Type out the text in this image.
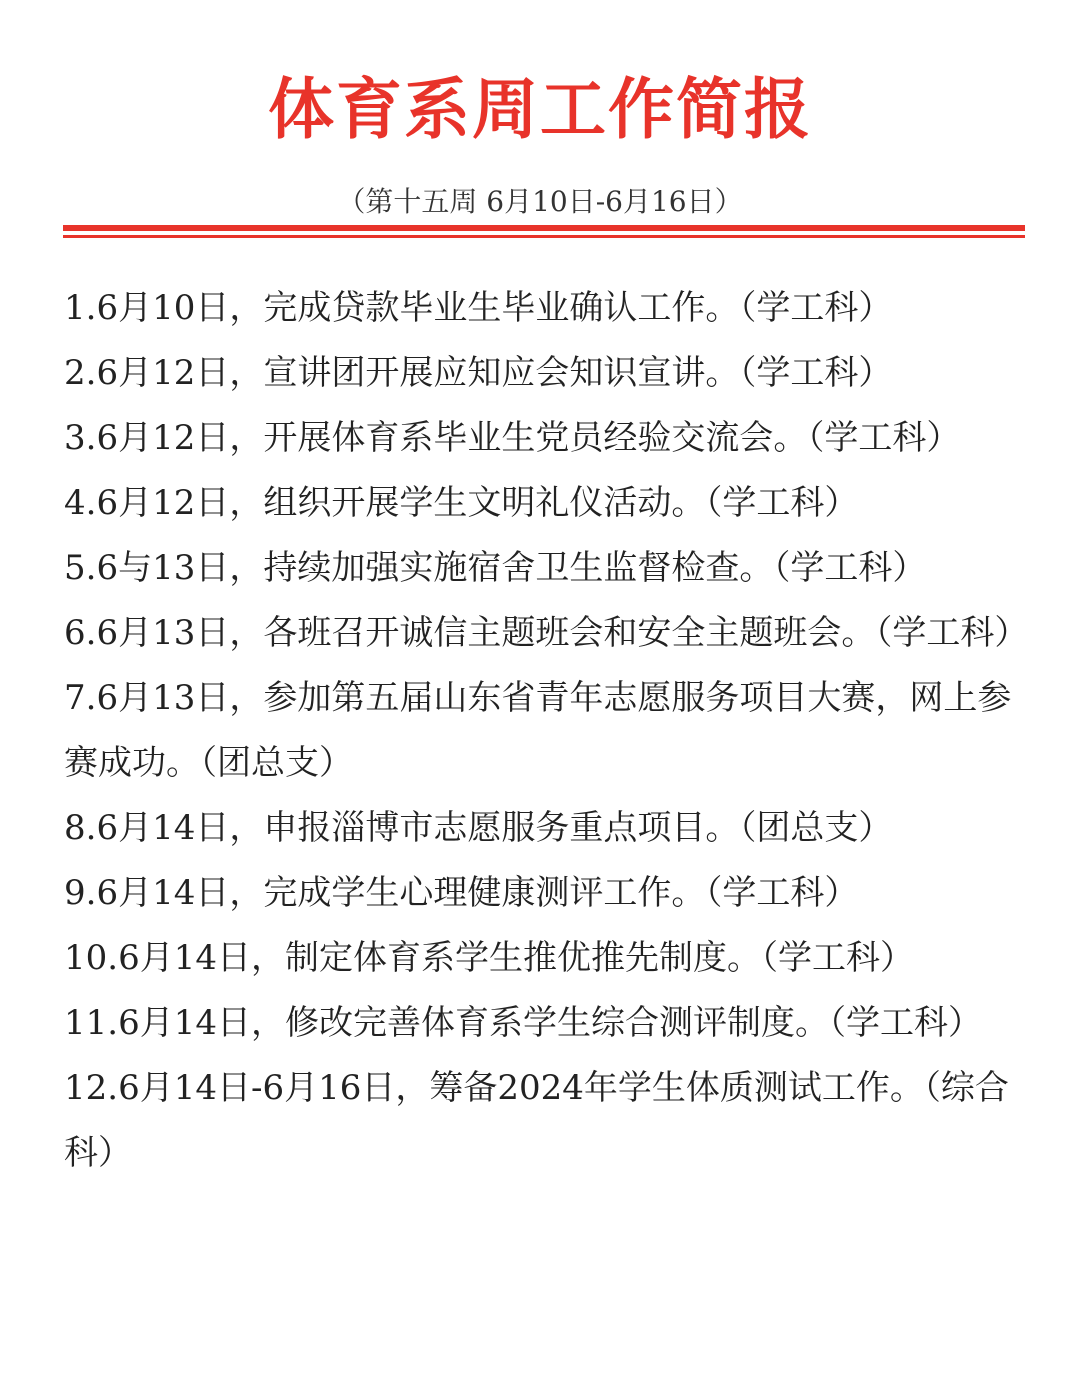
体育系周工作简报
（第十五周 6月10日-6月16日）
1.6月10日，完成贷款毕业生毕业确认工作。（学工科）
2.6月12日，宣讲团开展应知应会知识宣讲。（学工科）
3.6月12日，开展体育系毕业生党员经验交流会。（学工科）
4.6月12日，组织开展学生文明礼仪活动。（学工科）
5.6与13日，持续加强实施宿舍卫生监督检查。（学工科）
6.6月13日，各班召开诚信主题班会和安全主题班会。（学工科）
7.6月13日，参加第五届山东省青年志愿服务项目大赛，网上参赛成功。（团总支）
8.6月14日，申报淄博市志愿服务重点项目。（团总支）
9.6月14日，完成学生心理健康测评工作。（学工科）
10.6月14日，制定体育系学生推优推先制度。（学工科）
11.6月14日，修改完善体育系学生综合测评制度。（学工科）
12.6月14日-6月16日，筹备2024年学生体质测试工作。（综合科）
